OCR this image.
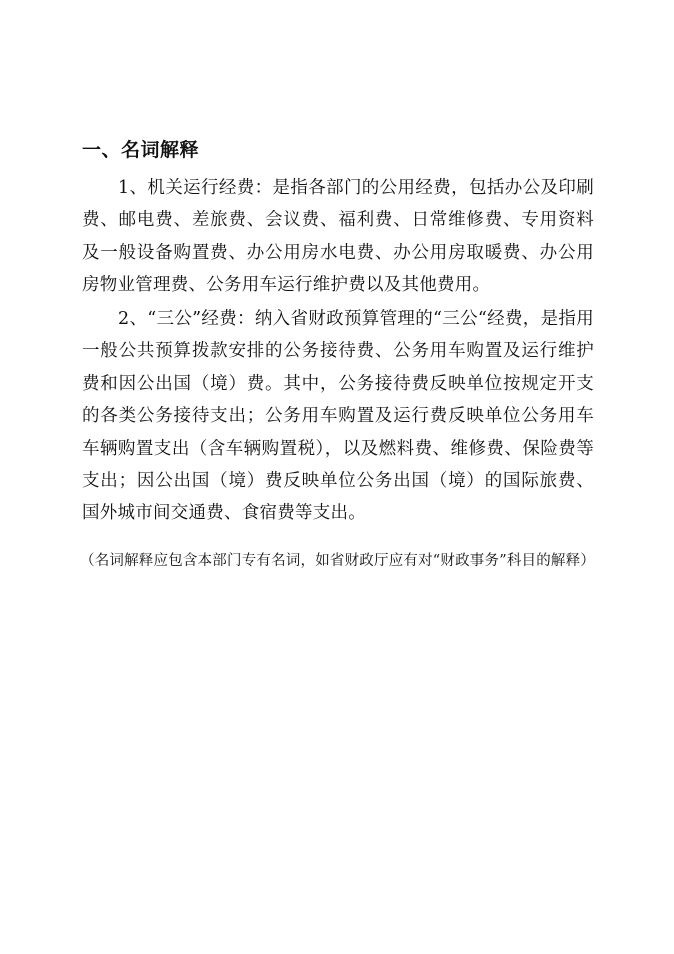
一、名词解释
1、机关运行经费：是指各部门的公用经费，包括办公及印刷费、邮电费、差旅费、会议费、福利费、日常维修费、专用资料及一般设备购置费、办公用房水电费、办公用房取暖费、办公用房物业管理费、公务用车运行维护费以及其他费用。
2、“三公”经费：纳入省财政预算管理的“三公“经费，是指用一般公共预算拨款安排的公务接待费、公务用车购置及运行维护费和因公出国（境）费。其中，公务接待费反映单位按规定开支的各类公务接待支出；公务用车购置及运行费反映单位公务用车车辆购置支出（含车辆购置税），以及燃料费、维修费、保险费等支出；因公出国（境）费反映单位公务出国（境）的国际旅费、国外城市间交通费、食宿费等支出。
（名词解释应包含本部门专有名词，如省财政厅应有对“财政事务”科目的解释）
